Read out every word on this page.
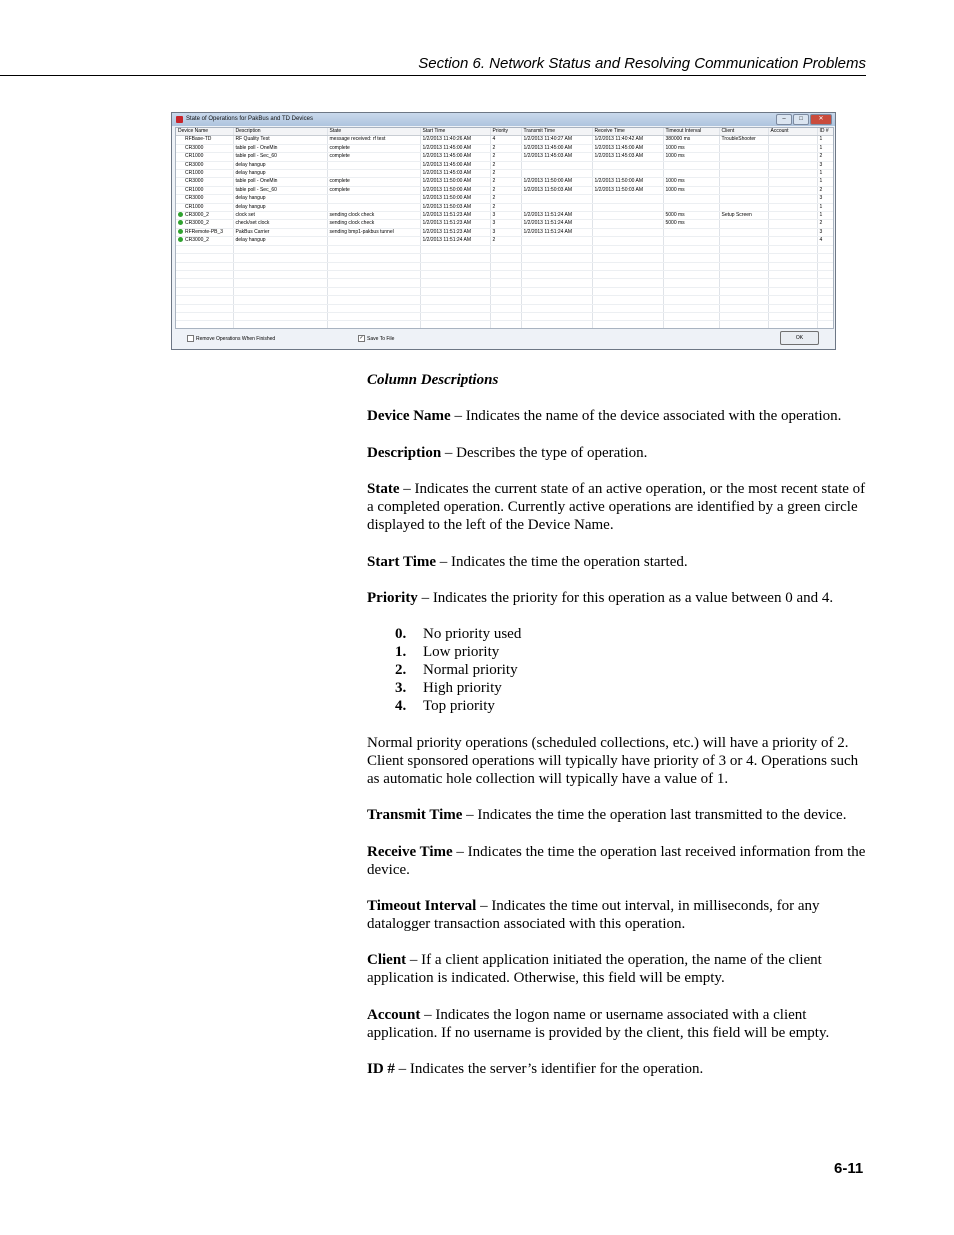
Section 6. Network Status and Resolving Communication Problems
State of Operations for PakBus and TD Devices	–	□	✕
Device Name	Description	State	Start Time	Priority	Transmit Time	Receive Time	Timeout Interval	Client	Account	ID #
RFBase-TD	RF Quality Test	message received: rf test	1/2/2013 11:40:26 AM	4	1/2/2013 11:40:27 AM	1/2/2013 11:40:42 AM	380000 ms	TroubleShooter		1
CR3000	table poll - OneMin	complete	1/2/2013 11:45:00 AM	2	1/2/2013 11:45:00 AM	1/2/2013 11:45:00 AM	1000 ms			1
CR1000	table poll - Sec_60	complete	1/2/2013 11:45:00 AM	2	1/2/2013 11:45:03 AM	1/2/2013 11:45:03 AM	1000 ms			2
CR3000	delay hangup		1/2/2013 11:45:00 AM	2						3
CR1000	delay hangup		1/2/2013 11:45:03 AM	2						1
CR3000	table poll - OneMin	complete	1/2/2013 11:50:00 AM	2	1/2/2013 11:50:00 AM	1/2/2013 11:50:00 AM	1000 ms			1
CR1000	table poll - Sec_60	complete	1/2/2013 11:50:00 AM	2	1/2/2013 11:50:03 AM	1/2/2013 11:50:03 AM	1000 ms			2
CR3000	delay hangup		1/2/2013 11:50:00 AM	2						3
CR1000	delay hangup		1/2/2013 11:50:03 AM	2						1
CR3000_2	clock set	sending clock check	1/2/2013 11:51:23 AM	3	1/2/2013 11:51:24 AM		5000 ms	Setup Screen		1
CR3000_2	check/set clock	sending clock check	1/2/2013 11:51:23 AM	3	1/2/2013 11:51:24 AM		5000 ms			2
RFRemote-PB_3	PakBus Carrier	sending bmp1-pakbus tunnel	1/2/2013 11:51:23 AM	3	1/2/2013 11:51:24 AM					3
CR3000_2	delay hangup		1/2/2013 11:51:24 AM	2						4

Remove Operations When Finished	✓ Save To File	OK
Column Descriptions

Device Name – Indicates the name of the device associated with the operation.

Description – Describes the type of operation.

State – Indicates the current state of an active operation, or the most recent state of a completed operation. Currently active operations are identified by a green circle displayed to the left of the Device Name.

Start Time – Indicates the time the operation started.

Priority – Indicates the priority for this operation as a value between 0 and 4.

0.	No priority used
1.	Low priority
2.	Normal priority
3.	High priority
4.	Top priority

Normal priority operations (scheduled collections, etc.) will have a priority of 2. Client sponsored operations will typically have priority of 3 or 4. Operations such as automatic hole collection will typically have a value of 1.

Transmit Time – Indicates the time the operation last transmitted to the device.

Receive Time – Indicates the time the operation last received information from the device.

Timeout Interval – Indicates the time out interval, in milliseconds, for any datalogger transaction associated with this operation.

Client – If a client application initiated the operation, the name of the client application is indicated. Otherwise, this field will be empty.

Account – Indicates the logon name or username associated with a client application. If no username is provided by the client, this field will be empty.

ID # – Indicates the server’s identifier for the operation.

6-11
